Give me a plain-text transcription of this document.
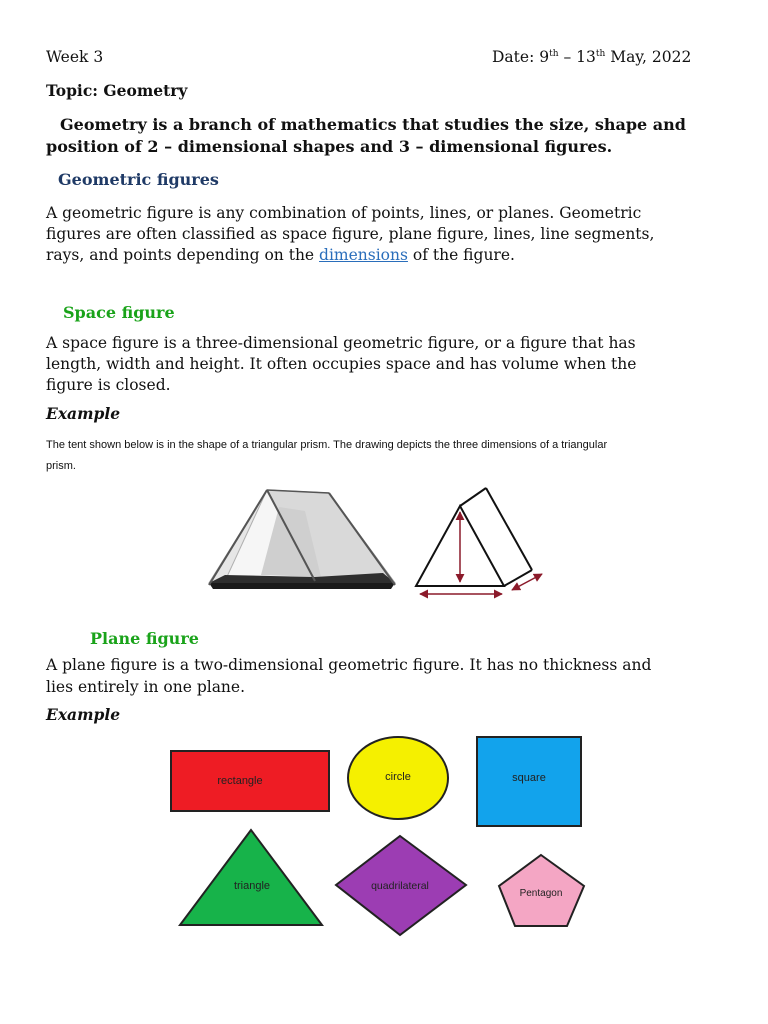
Week 3	Date: 9th – 13th May, 2022
Topic: Geometry
Geometry is a branch of mathematics that studies the size, shape and
position of 2 – dimensional shapes and 3 – dimensional figures.
Geometric figures
A geometric figure is any combination of points, lines, or planes. Geometric
figures are often classified as space figure, plane figure, lines, line segments,
rays, and points depending on the dimensions of the figure.
Space figure
A space figure is a three-dimensional geometric figure, or a figure that has
length, width and height. It often occupies space and has volume when the
figure is closed.
Example
The tent shown below is in the shape of a triangular prism. The drawing depicts the three dimensions of a triangular
prism.
Plane figure
A plane figure is a two-dimensional geometric figure. It has no thickness and
lies entirely in one plane.
Example
rectangle	circle	square
triangle	quadrilateral
Pentagon
